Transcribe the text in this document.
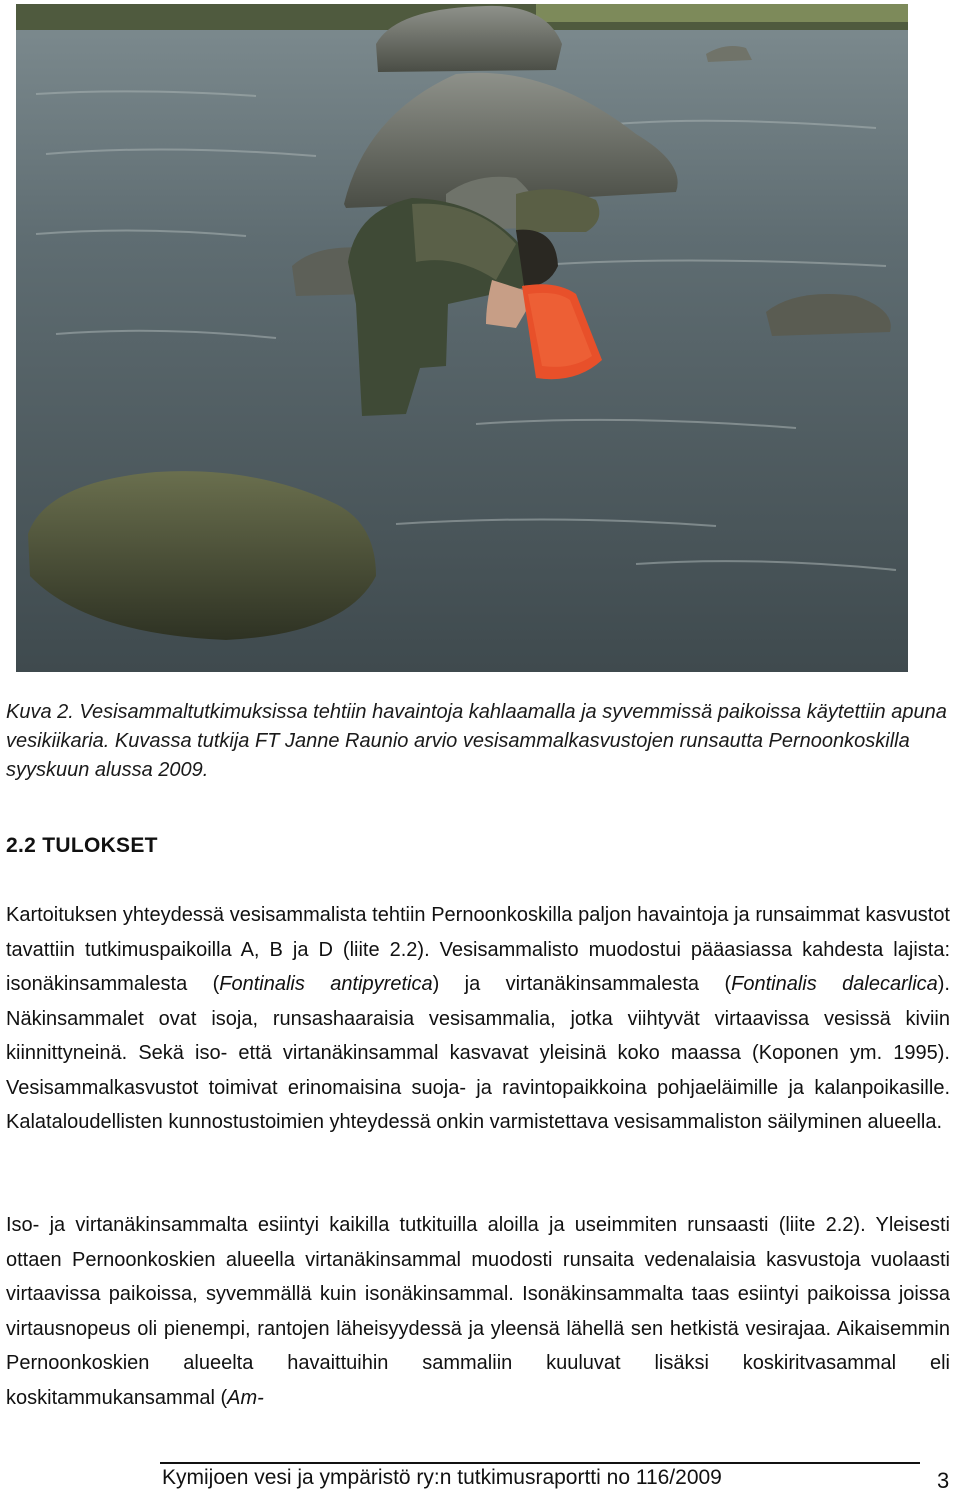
Kuva 2. Vesisammaltutkimuksissa tehtiin havaintoja kahlaamalla ja syvemmissä paikoissa käytettiin apuna vesikiikaria. Kuvassa tutkija FT Janne Raunio arvio vesisammalkasvustojen runsautta Pernoonkoskilla syyskuun alussa 2009.
2.2 TULOKSET
Kartoituksen yhteydessä vesisammalista tehtiin Pernoonkoskilla paljon havaintoja ja runsaimmat kasvustot tavattiin tutkimuspaikoilla A, B ja D (liite 2.2). Vesisammalisto muodostui pääasiassa kahdesta lajista: isonäkinsammalesta (Fontinalis antipyretica) ja virtanäkinsammalesta (Fontinalis dalecarlica). Näkinsammalet ovat isoja, runsashaaraisia vesisammalia, jotka viihtyvät virtaavissa vesissä kiviin kiinnittyneinä. Sekä iso- että virtanäkinsammal kasvavat yleisinä koko maassa (Koponen ym. 1995). Vesisammalkasvustot toimivat erinomaisina suoja- ja ravintopaikkoina pohjaeläimille ja kalanpoikasille. Kalataloudellisten kunnostustoimien yhteydessä onkin varmistettava vesisammaliston säilyminen alueella.
Iso- ja virtanäkinsammalta esiintyi kaikilla tutkituilla aloilla ja useimmiten runsaasti (liite 2.2). Yleisesti ottaen Pernoonkoskien alueella virtanäkinsammal muodosti runsaita vedenalaisia kasvustoja vuolaasti virtaavissa paikoissa, syvemmällä kuin isonäkinsammal. Isonäkinsammalta taas esiintyi paikoissa joissa virtausnopeus oli pienempi, rantojen läheisyydessä ja yleensä lähellä sen hetkistä vesirajaa. Aikaisemmin Pernoonkoskien alueelta havaittuihin sammaliin kuuluvat lisäksi koskiritvasammal eli koskitammukansammal (Am-
Kymijoen vesi ja ympäristö ry:n tutkimusraportti no 116/2009	3
